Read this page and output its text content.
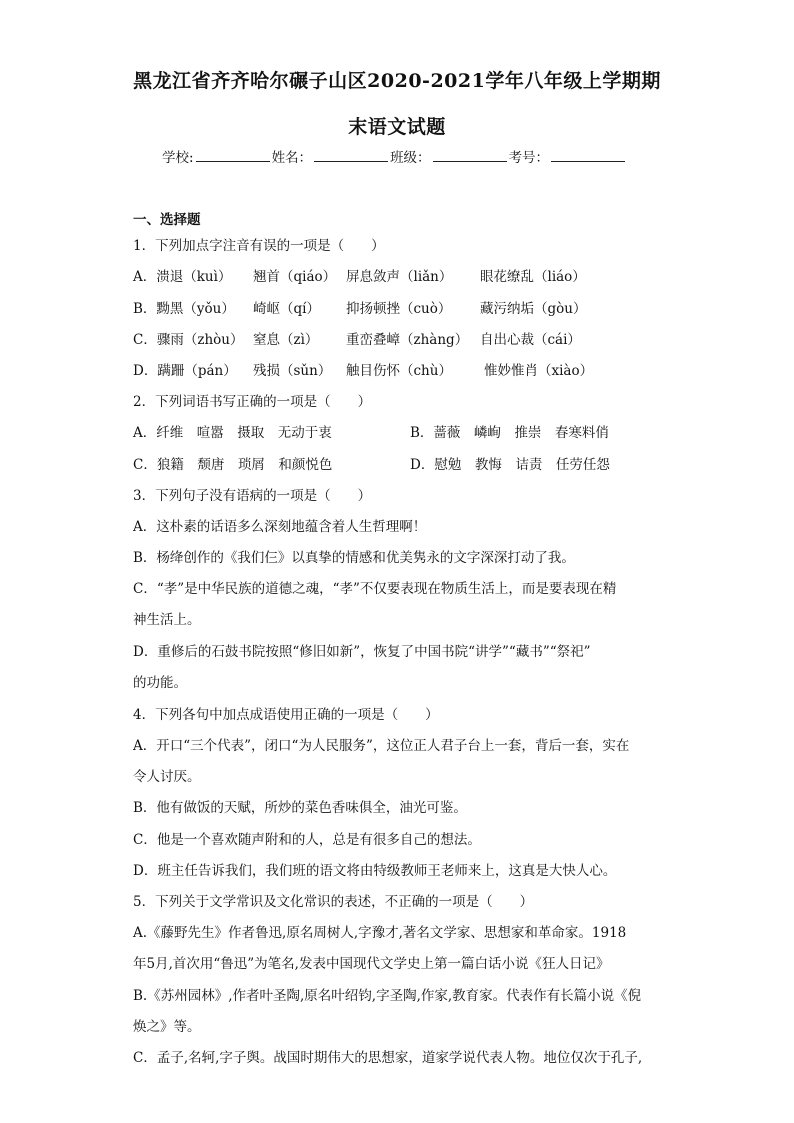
黑龙江省齐齐哈尔碾子山区2020-2021学年八年级上学期期
末语文试题
学校:	姓名：	班级：	考号：
一、选择题
1．下列加点字注音有误的一项是（　　）
A．溃退（kuì） 翘首（qiáo） 屏息敛声（liǎn） 眼花缭乱（liáo）
B．黝黑（yǒu） 崎岖（qí） 抑扬顿挫（cuò） 藏污纳垢（gòu）
C．骤雨（zhòu） 窒息（zì） 重峦叠嶂（zhàng） 自出心裁（cái）
D．蹒跚（pán） 残损（sǔn） 触目伤怀（chù） 惟妙惟肖（xiào）
2．下列词语书写正确的一项是（　　）
A．纤维　喧嚣　摄取　无动于衷	B．蔷薇　嶙峋　推崇　春寒料俏
C．狼籍　颓唐　琐屑　和颜悦色	D．慰勉　教悔　诘责　任劳任怨
3．下列句子没有语病的一项是（　　）
A．这朴素的话语多么深刻地蕴含着人生哲理啊！
B．杨绛创作的《我们仨》以真挚的情感和优美隽永的文字深深打动了我。
C．“孝”是中华民族的道德之魂，“孝”不仅要表现在物质生活上，而是要表现在精
神生活上。
D．重修后的石鼓书院按照“修旧如新”，恢复了中国书院“讲学”“藏书”“祭祀”
的功能。
4．下列各句中加点成语使用正确的一项是（　　）
A．开口“三个代表”，闭口“为人民服务”，这位正人君子台上一套，背后一套，实在
令人讨厌。
B．他有做饭的天赋，所炒的菜色香味俱全，油光可鉴。
C．他是一个喜欢随声附和的人，总是有很多自己的想法。
D．班主任告诉我们，我们班的语文将由特级教师王老师来上，这真是大快人心。
5．下列关于文学常识及文化常识的表述，不正确的一项是（　　）
A.《藤野先生》作者鲁迅,原名周树人,字豫才,著名文学家、思想家和革命家。1918
年5月,首次用“鲁迅”为笔名,发表中国现代文学史上第一篇白话小说《狂人日记》
B.《苏州园林》,作者叶圣陶,原名叶绍钧,字圣陶,作家,教育家。代表作有长篇小说《倪
焕之》等。
C．孟子,名轲,字子舆。战国时期伟大的思想家，道家学说代表人物。地位仅次于孔子,
